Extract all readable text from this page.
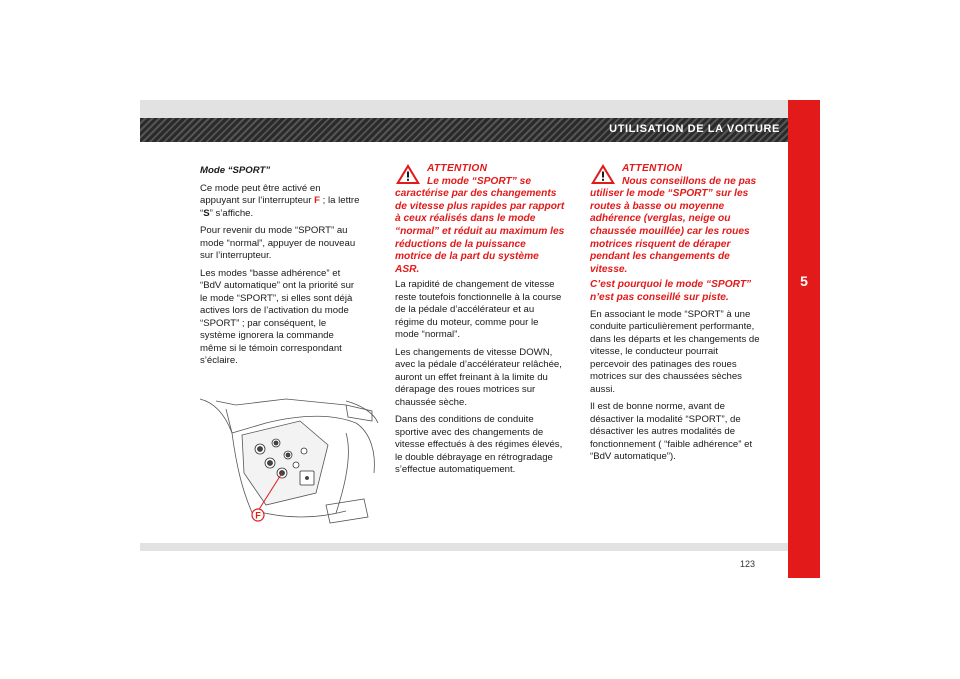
UTILISATION DE LA VOITURE
5

Mode “SPORT”

Ce mode peut être activé en appuyant sur l’interrupteur F ; la lettre “S” s’affiche.

Pour revenir du mode “SPORT” au mode “normal”, appuyer de nouveau sur l’interrupteur.

Les modes “basse adhérence” et “BdV automatique” ont la priorité sur le mode “SPORT”, si elles sont déjà actives lors de l’activation du mode “SPORT” ; par conséquent, le système ignorera la commande même si le témoin correspondant s’éclaire.

F
ATTENTION
Le mode “SPORT” se caractérise par des changements de vitesse plus rapides par rapport à ceux réalisés dans le mode “normal” et réduit au maximum les réductions de la puissance motrice de la part du système ASR.

La rapidité de changement de vitesse reste toutefois fonctionnelle à la course de la pédale d’accélérateur et au régime du moteur, comme pour le mode “normal”.

Les changements de vitesse DOWN, avec la pédale d’accélérateur relâchée, auront un effet freinant à la limite du dérapage des roues motrices sur chaussée sèche.

Dans des conditions de conduite sportive avec des changements de vitesse effectués à des régimes élevés, le double débrayage en rétrogradage s’effectue automatiquement.

ATTENTION
Nous conseillons de ne pas utiliser le mode “SPORT” sur les routes à basse ou moyenne adhérence (verglas, neige ou chaussée mouillée) car les roues motrices risquent de déraper pendant les changements de vitesse.
C’est pourquoi le mode “SPORT” n’est pas conseillé sur piste.

En associant le mode “SPORT” à une conduite particulièrement performante, dans les départs et les changements de vitesse, le conducteur pourrait percevoir des patinages des roues motrices sur des chaussées sèches aussi.

Il est de bonne norme, avant de désactiver la modalité “SPORT”, de désactiver les autres modalités de fonctionnement ( “faible adhérence” et “BdV automatique”).

123
